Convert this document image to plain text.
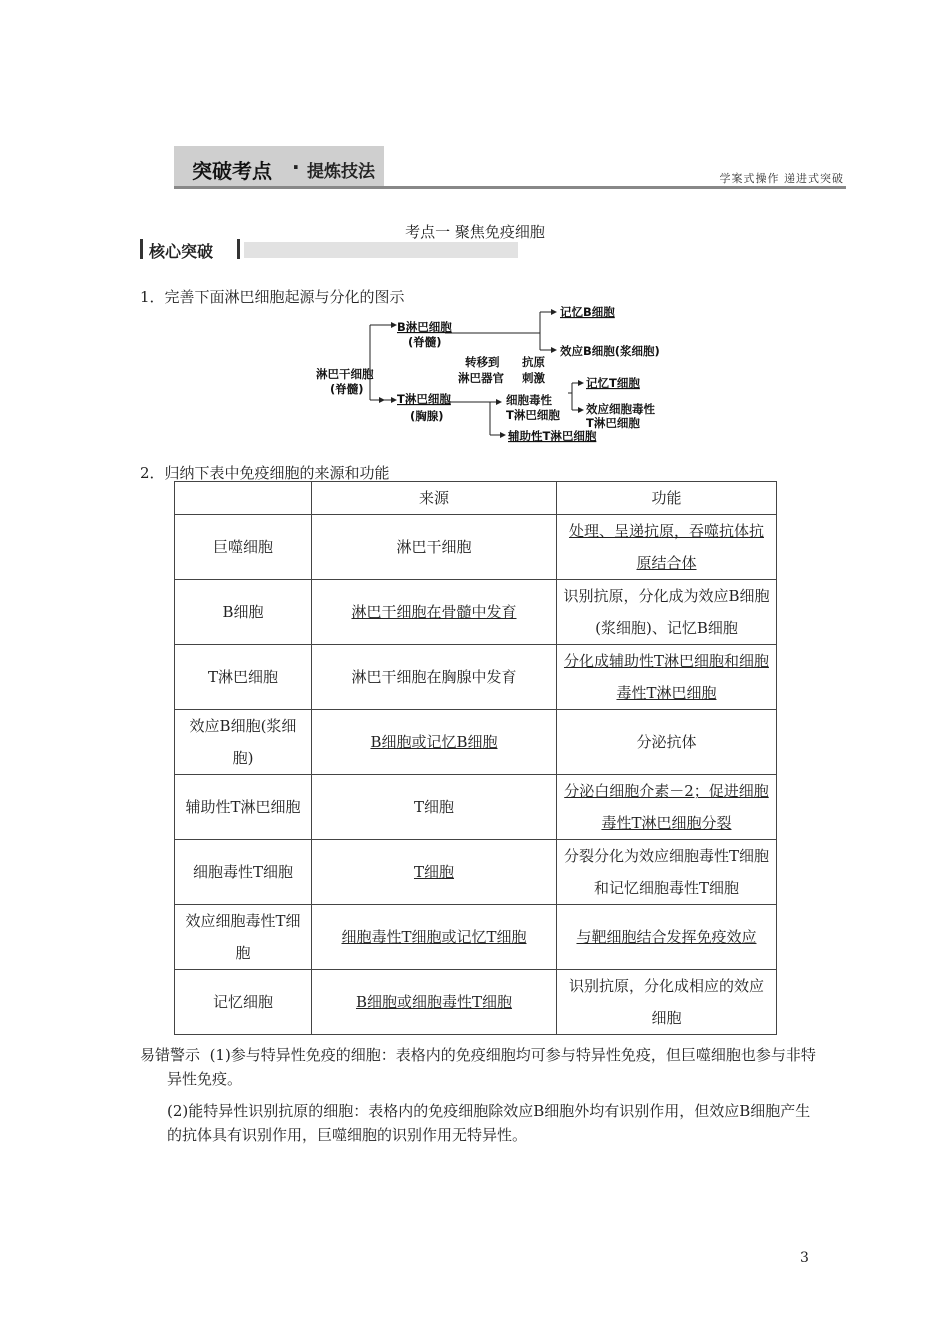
突破考点 · 提炼技法	学案式操作 递进式突破
考点一 聚焦免疫细胞
核心突破
1．完善下面淋巴细胞起源与分化的图示
淋巴干细胞
(脊髓)
B淋巴细胞
(脊髓)
T淋巴细胞
(胸腺)
转移到
淋巴器官
抗原
刺激
记忆B细胞
效应B细胞(浆细胞)
细胞毒性
T淋巴细胞
记忆T细胞
效应细胞毒性
T淋巴细胞
辅助性T淋巴细胞
2．归纳下表中免疫细胞的来源和功能
	来源	功能
巨噬细胞	淋巴干细胞	处理、呈递抗原，吞噬抗体抗原结合体
B细胞	淋巴干细胞在骨髓中发育	识别抗原，分化成为效应B细胞(浆细胞)、记忆B细胞
T淋巴细胞	淋巴干细胞在胸腺中发育	分化成辅助性T淋巴细胞和细胞毒性T淋巴细胞
效应B细胞(浆细胞)	B细胞或记忆B细胞	分泌抗体
辅助性T淋巴细胞	T细胞	分泌白细胞介素－2；促进细胞毒性T淋巴细胞分裂
细胞毒性T细胞	T细胞	分裂分化为效应细胞毒性T细胞和记忆细胞毒性T细胞
效应细胞毒性T细胞	细胞毒性T细胞或记忆T细胞	与靶细胞结合发挥免疫效应
记忆细胞	B细胞或细胞毒性T细胞	识别抗原，分化成相应的效应细胞
易错警示 (1)参与特异性免疫的细胞：表格内的免疫细胞均可参与特异性免疫，但巨噬细胞也参与非特异性免疫。
(2)能特异性识别抗原的细胞：表格内的免疫细胞除效应B细胞外均有识别作用，但效应B细胞产生的抗体具有识别作用，巨噬细胞的识别作用无特异性。
3
